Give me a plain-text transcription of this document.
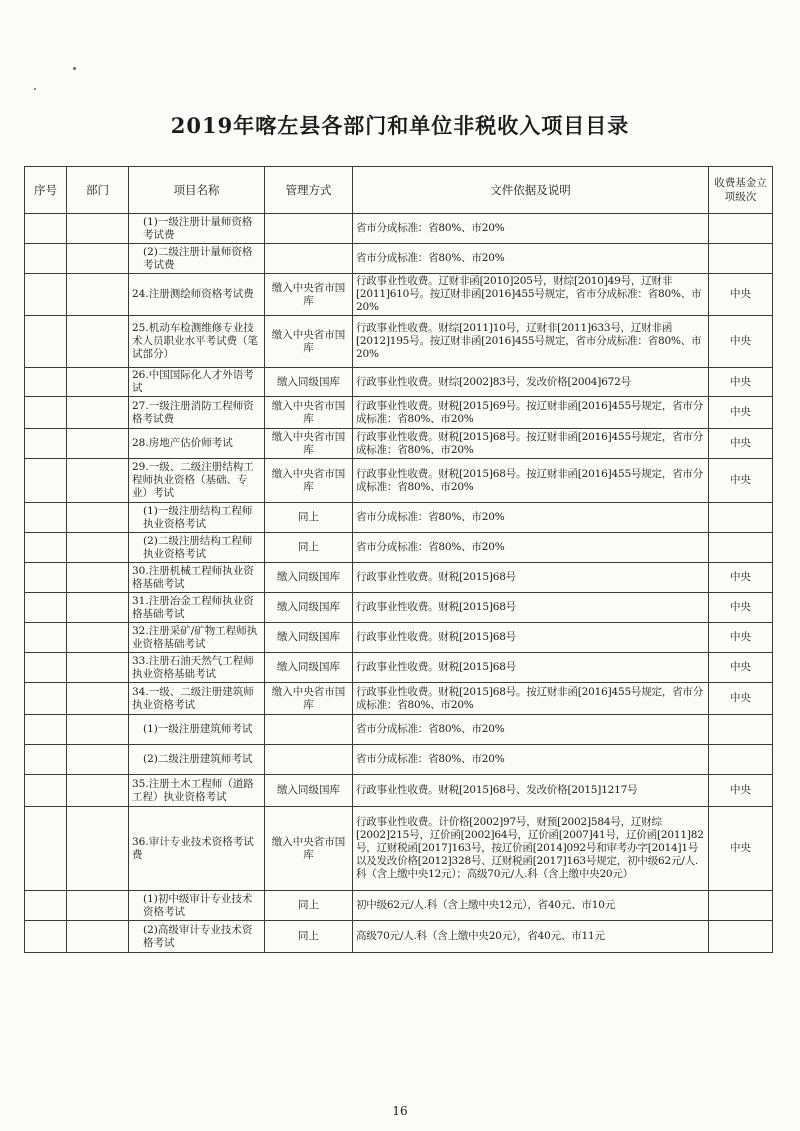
2019年喀左县各部门和单位非税收入项目目录
序号	部门	项目名称	管理方式	文件依据及说明	收费基金立项级次
		(1)一级注册计量师资格考试费		省市分成标准：省80%、市20%	
		(2)二级注册计量师资格考试费		省市分成标准：省80%、市20%	
		24.注册测绘师资格考试费	缴入中央省市国库	行政事业性收费。辽财非函[2010]205号，财综[2010]49号，辽财非[2011]610号。按辽财非函[2016]455号规定，省市分成标准：省80%、市20%	中央
		25.机动车检测维修专业技术人员职业水平考试费（笔试部分）	缴入中央省市国库	行政事业性收费。财综[2011]10号，辽财非[2011]633号，辽财非函[2012]195号。按辽财非函[2016]455号规定，省市分成标准：省80%、市20%	中央
		26.中国国际化人才外语考试	缴入同级国库	行政事业性收费。财综[2002]83号，发改价格[2004]672号	中央
		27.一级注册消防工程师资格考试费	缴入中央省市国库	行政事业性收费。财税[2015]69号。按辽财非函[2016]455号规定，省市分成标准：省80%、市20%	中央
		28.房地产估价师考试	缴入中央省市国库	行政事业性收费。财税[2015]68号。按辽财非函[2016]455号规定，省市分成标准：省80%、市20%	中央
		29.一级、二级注册结构工程师执业资格（基础、专业）考试	缴入中央省市国库	行政事业性收费。财税[2015]68号。按辽财非函[2016]455号规定，省市分成标准：省80%、市20%	中央
		(1)一级注册结构工程师执业资格考试	同上	省市分成标准：省80%、市20%	
		(2)二级注册结构工程师执业资格考试	同上	省市分成标准：省80%、市20%	
		30.注册机械工程师执业资格基础考试	缴入同级国库	行政事业性收费。财税[2015]68号	中央
		31.注册冶金工程师执业资格基础考试	缴入同级国库	行政事业性收费。财税[2015]68号	中央
		32.注册采矿/矿物工程师执业资格基础考试	缴入同级国库	行政事业性收费。财税[2015]68号	中央
		33.注册石油天然气工程师执业资格基础考试	缴入同级国库	行政事业性收费。财税[2015]68号	中央
		34.一级、二级注册建筑师执业资格考试	缴入中央省市国库	行政事业性收费。财税[2015]68号。按辽财非函[2016]455号规定，省市分成标准：省80%、市20%	中央
		(1)一级注册建筑师考试		省市分成标准：省80%、市20%	
		(2)二级注册建筑师考试		省市分成标准：省80%、市20%	
		35.注册土木工程师（道路工程）执业资格考试	缴入同级国库	行政事业性收费。财税[2015]68号、发改价格[2015]1217号	中央
		36.审计专业技术资格考试费	缴入中央省市国库	行政事业性收费。计价格[2002]97号，财预[2002]584号，辽财综[2002]215号，辽价函[2002]64号，辽价函[2007]41号，辽价函[2011]82号，辽财税函[2017]163号，按辽价函[2014]092号和审考办字[2014]1号以及发改价格[2012]328号、辽财税函[2017]163号规定，初中级62元/人.科（含上缴中央12元）；高级70元/人.科（含上缴中央20元）	中央
		(1)初中级审计专业技术资格考试	同上	初中级62元/人.科（含上缴中央12元），省40元、市10元	
		(2)高级审计专业技术资格考试	同上	高级70元/人.科（含上缴中央20元），省40元、市11元	
16
